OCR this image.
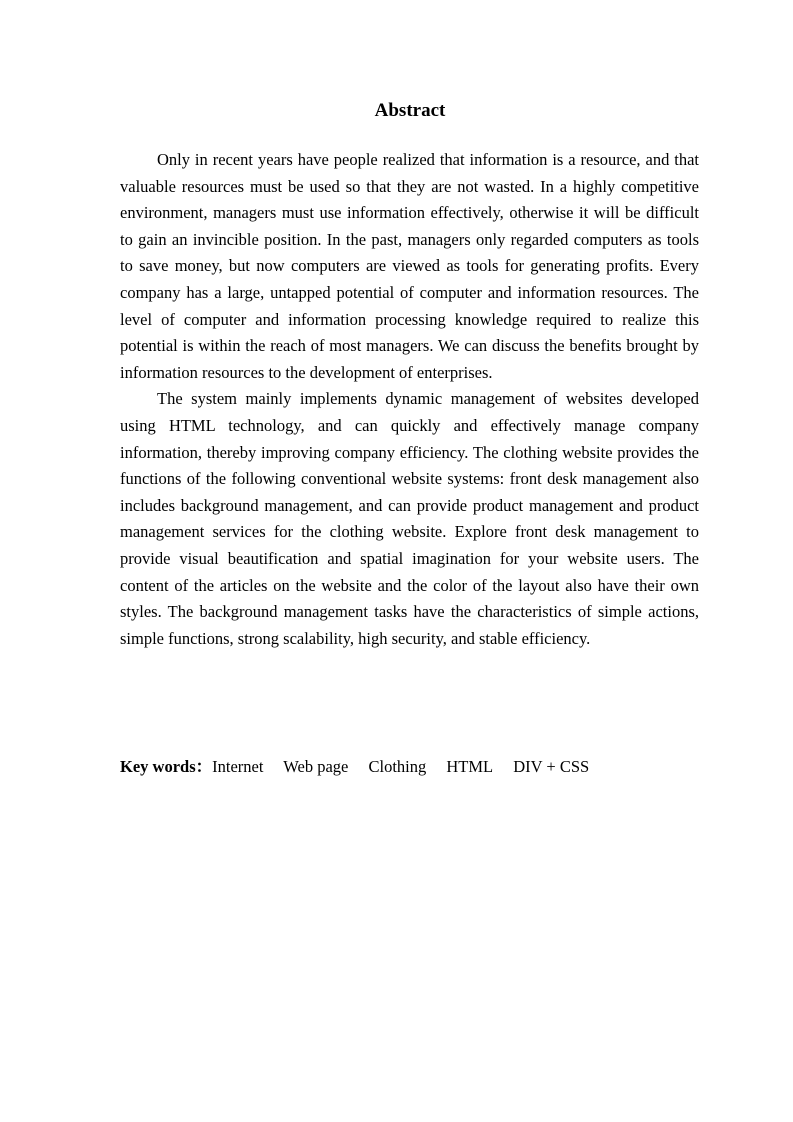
Abstract

Only in recent years have people realized that information is a resource, and that valuable resources must be used so that they are not wasted. In a highly competitive environment, managers must use information effectively, otherwise it will be difficult to gain an invincible position. In the past, managers only regarded computers as tools to save money, but now computers are viewed as tools for generating profits. Every company has a large, untapped potential of computer and information resources. The level of computer and information processing knowledge required to realize this potential is within the reach of most managers. We can discuss the benefits brought by information resources to the development of enterprises.

The system mainly implements dynamic management of websites developed using HTML technology, and can quickly and effectively manage company information, thereby improving company efficiency. The clothing website provides the functions of the following conventional website systems: front desk management also includes background management, and can provide product management and product management services for the clothing website. Explore front desk management to provide visual beautification and spatial imagination for your website users. The content of the articles on the website and the color of the layout also have their own styles. The background management tasks have the characteristics of simple actions, simple functions, strong scalability, high security, and stable efficiency.

Key words：Internet Web page Clothing HTML DIV + CSS
